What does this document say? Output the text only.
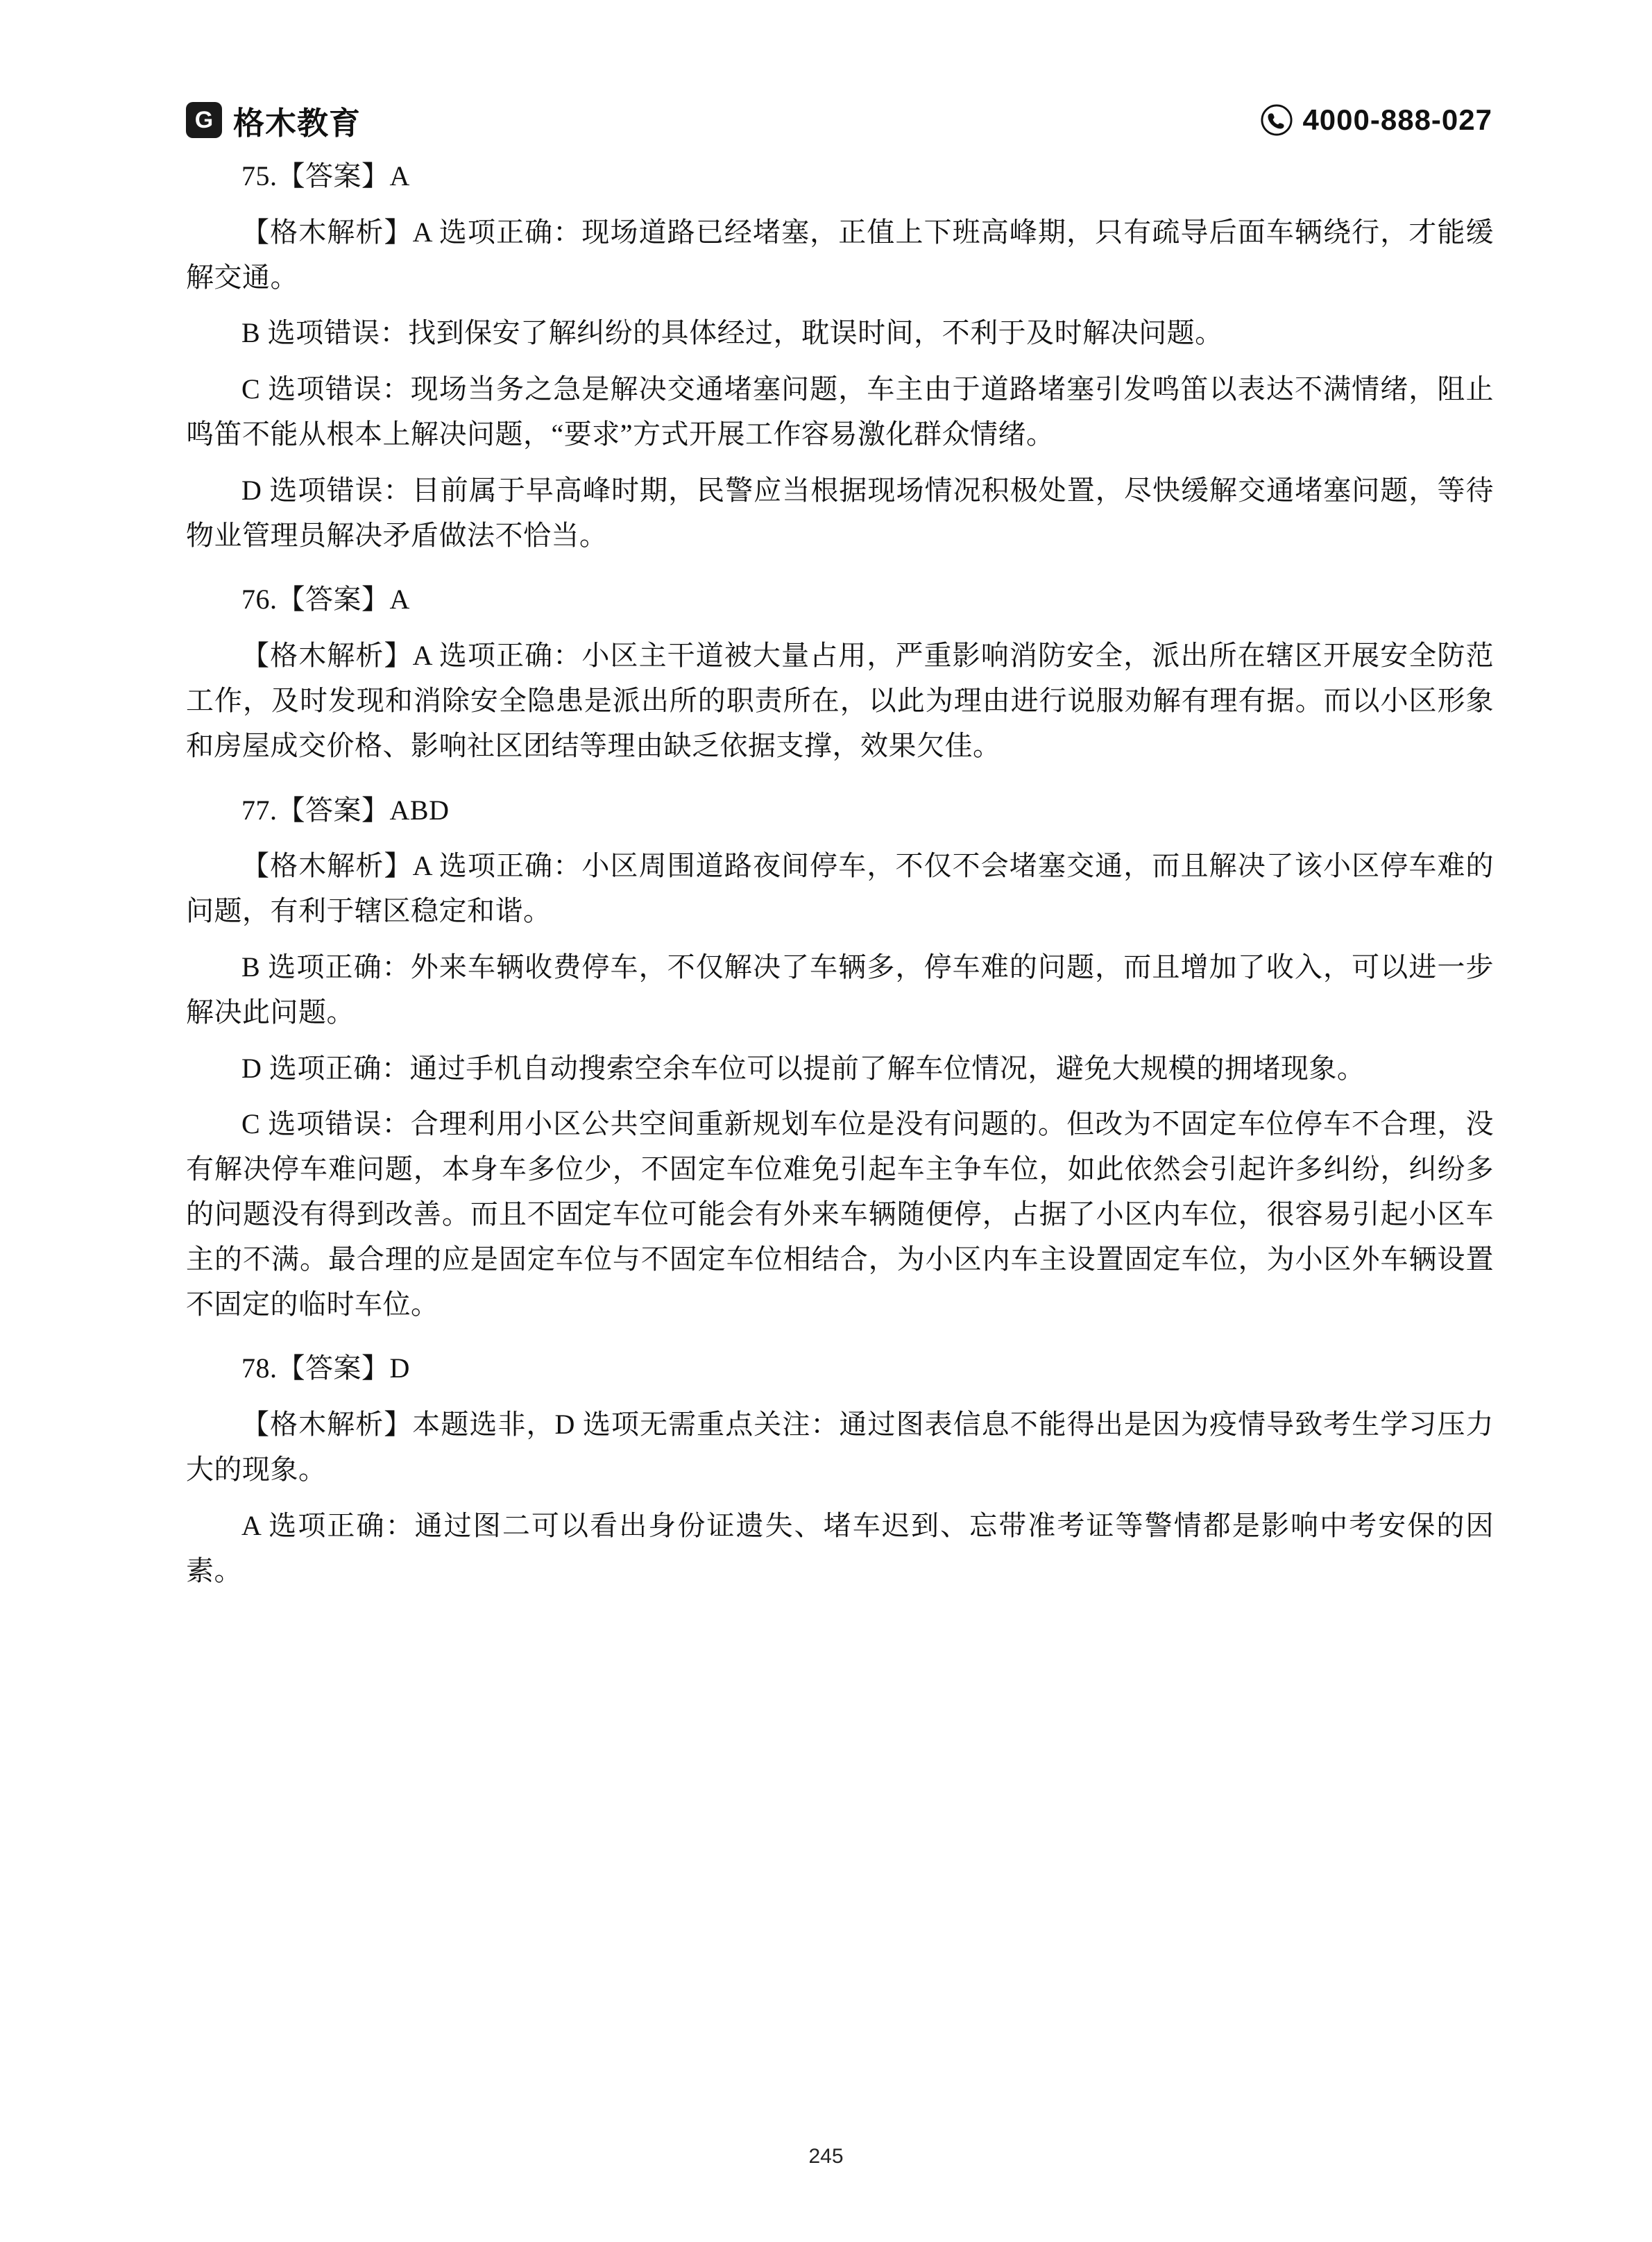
G 格木教育	4000-888-027

75.【答案】A

【格木解析】A 选项正确：现场道路已经堵塞，正值上下班高峰期，只有疏导后面车辆绕行，才能缓解交通。

B 选项错误：找到保安了解纠纷的具体经过，耽误时间，不利于及时解决问题。

C 选项错误：现场当务之急是解决交通堵塞问题，车主由于道路堵塞引发鸣笛以表达不满情绪，阻止鸣笛不能从根本上解决问题，“要求”方式开展工作容易激化群众情绪。

D 选项错误：目前属于早高峰时期，民警应当根据现场情况积极处置，尽快缓解交通堵塞问题，等待物业管理员解决矛盾做法不恰当。

76.【答案】A

【格木解析】A 选项正确：小区主干道被大量占用，严重影响消防安全，派出所在辖区开展安全防范工作，及时发现和消除安全隐患是派出所的职责所在，以此为理由进行说服劝解有理有据。而以小区形象和房屋成交价格、影响社区团结等理由缺乏依据支撑，效果欠佳。

77.【答案】ABD

【格木解析】A 选项正确：小区周围道路夜间停车，不仅不会堵塞交通，而且解决了该小区停车难的问题，有利于辖区稳定和谐。

B 选项正确：外来车辆收费停车，不仅解决了车辆多，停车难的问题，而且增加了收入，可以进一步解决此问题。

D 选项正确：通过手机自动搜索空余车位可以提前了解车位情况，避免大规模的拥堵现象。

C 选项错误：合理利用小区公共空间重新规划车位是没有问题的。但改为不固定车位停车不合理，没有解决停车难问题，本身车多位少，不固定车位难免引起车主争车位，如此依然会引起许多纠纷，纠纷多的问题没有得到改善。而且不固定车位可能会有外来车辆随便停，占据了小区内车位，很容易引起小区车主的不满。最合理的应是固定车位与不固定车位相结合，为小区内车主设置固定车位，为小区外车辆设置不固定的临时车位。

78.【答案】D

【格木解析】本题选非，D 选项无需重点关注：通过图表信息不能得出是因为疫情导致考生学习压力大的现象。

A 选项正确：通过图二可以看出身份证遗失、堵车迟到、忘带准考证等警情都是影响中考安保的因素。

245
